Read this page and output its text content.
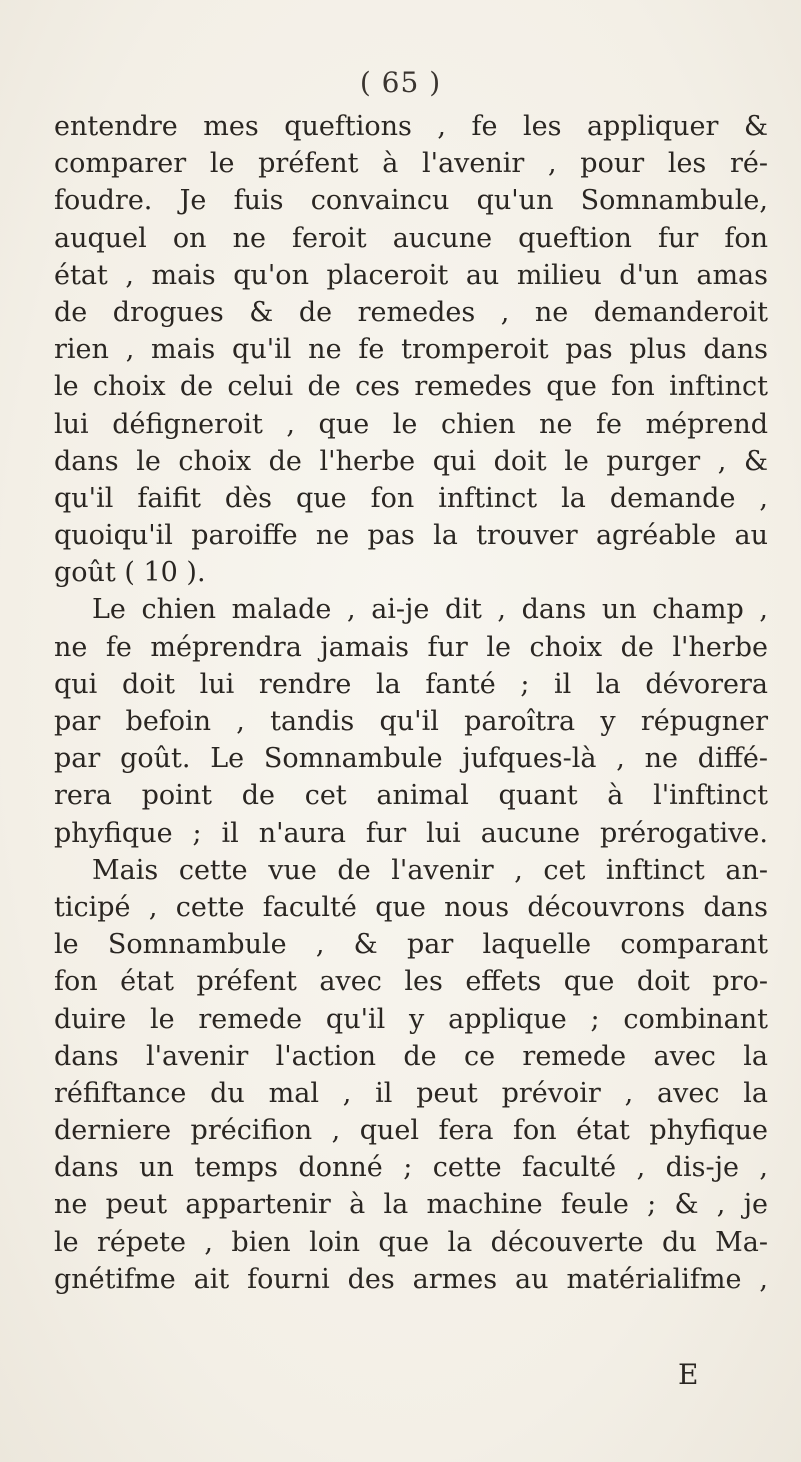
( 65 )
entendre mes queftions , fe les appliquer &
comparer le préfent à l'avenir , pour les ré-
foudre. Je fuis convaincu qu'un Somnambule,
auquel on ne feroit aucune queftion fur fon
état , mais qu'on placeroit au milieu d'un amas
de drogues & de remedes , ne demanderoit
rien , mais qu'il ne fe tromperoit pas plus dans
le choix de celui de ces remedes que fon inftinct
lui défigneroit , que le chien ne fe méprend
dans le choix de l'herbe qui doit le purger , &
qu'il faifit dès que fon inftinct la demande ,
quoiqu'il paroiffe ne pas la trouver agréable au
goût ( 10 ).
Le chien malade , ai-je dit , dans un champ ,
ne fe méprendra jamais fur le choix de l'herbe
qui doit lui rendre la fanté ; il la dévorera
par befoin , tandis qu'il paroîtra y répugner
par goût. Le Somnambule jufques-là , ne diffé-
rera point de cet animal quant à l'inftinct
phyfique ; il n'aura fur lui aucune prérogative.
Mais cette vue de l'avenir , cet inftinct an-
ticipé , cette faculté que nous découvrons dans
le Somnambule , & par laquelle comparant
fon état préfent avec les effets que doit pro-
duire le remede qu'il y applique ; combinant
dans l'avenir l'action de ce remede avec la
réfiftance du mal , il peut prévoir , avec la
derniere précifion , quel fera fon état phyfique
dans un temps donné ; cette faculté , dis-je ,
ne peut appartenir à la machine feule ; & , je
le répete , bien loin que la découverte du Ma-
gnétifme ait fourni des armes au matérialifme ,
E
